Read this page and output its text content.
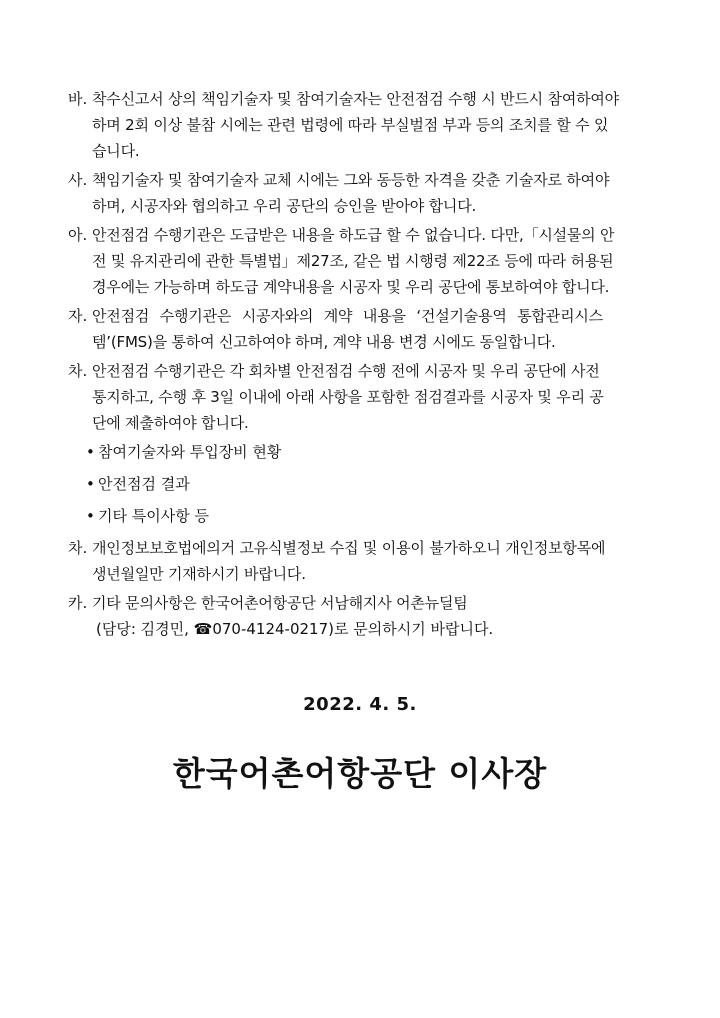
바. 착수신고서 상의 책임기술자 및 참여기술자는 안전점검 수행 시 반드시 참여하여야
하며 2회 이상 불참 시에는 관련 법령에 따라 부실벌점 부과 등의 조치를 할 수 있
습니다.
사. 책임기술자 및 참여기술자 교체 시에는 그와 동등한 자격을 갖춘 기술자로 하여야
하며, 시공자와 협의하고 우리 공단의 승인을 받아야 합니다.
아. 안전점검 수행기관은 도급받은 내용을 하도급 할 수 없습니다. 다만,「시설물의 안
전 및 유지관리에 관한 특별법」제27조, 같은 법 시행령 제22조 등에 따라 허용된
경우에는 가능하며 하도급 계약내용을 시공자 및 우리 공단에 통보하여야 합니다.
자. 안전점검 수행기관은 시공자와의 계약 내용을 ‘건설기술용역 통합관리시스
템’(FMS)을 통하여 신고하여야 하며, 계약 내용 변경 시에도 동일합니다.
차. 안전점검 수행기관은 각 회차별 안전점검 수행 전에 시공자 및 우리 공단에 사전
통지하고, 수행 후 3일 이내에 아래 사항을 포함한 점검결과를 시공자 및 우리 공
단에 제출하여야 합니다.
• 참여기술자와 투입장비 현황
• 안전점검 결과
• 기타 특이사항 등
차. 개인정보보호법에의거 고유식별정보 수집 및 이용이 불가하오니 개인정보항목에
생년월일만 기재하시기 바랍니다.
카. 기타 문의사항은 한국어촌어항공단 서남해지사 어촌뉴딜팀
(담당: 김경민, ☎070-4124-0217)로 문의하시기 바랍니다.
2022. 4. 5.
한국어촌어항공단 이사장
